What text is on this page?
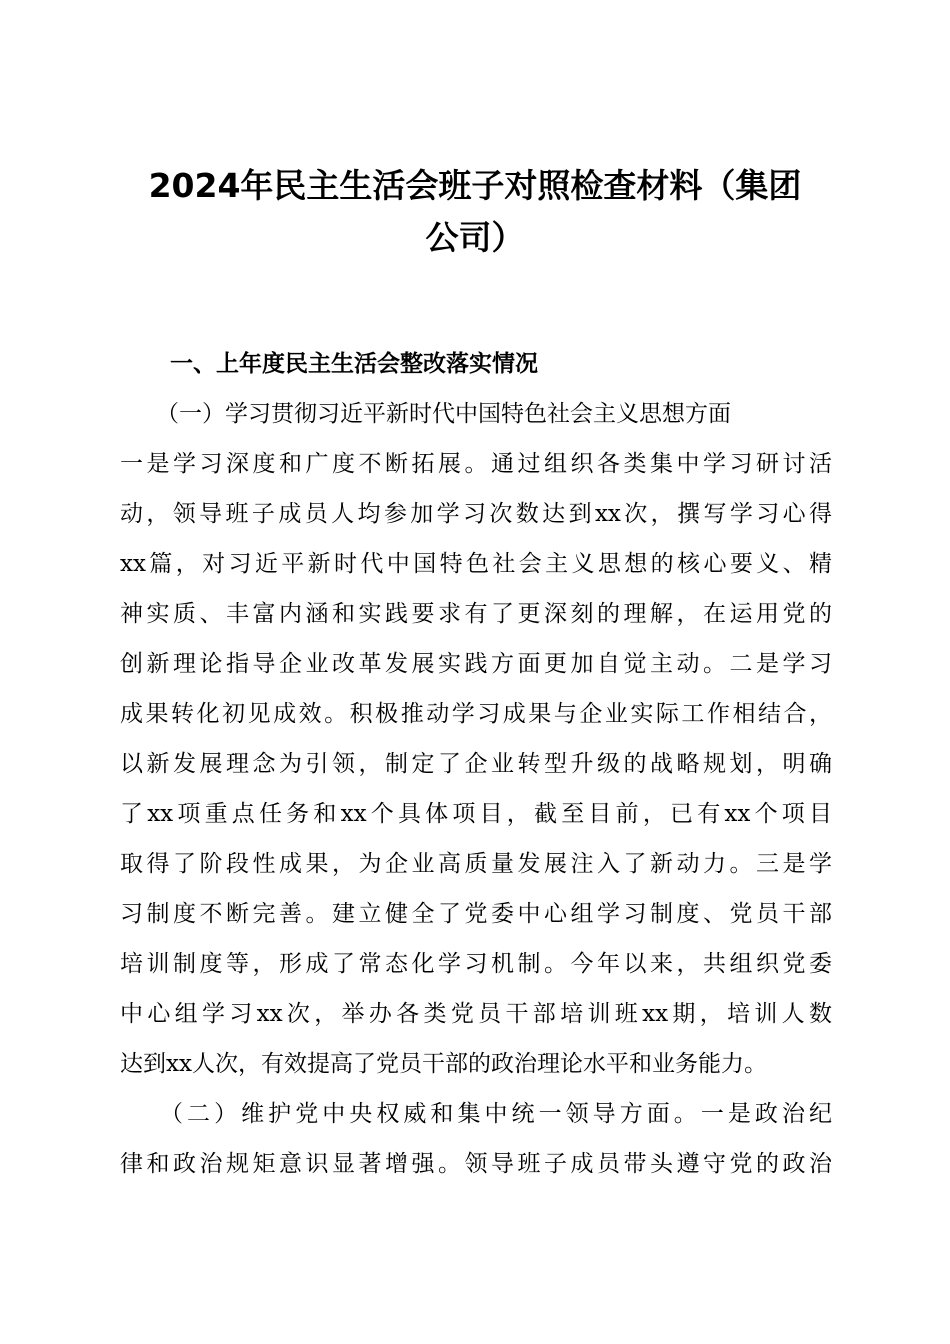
2024年民主生活会班子对照检查材料（集团
公司）
一、上年度民主生活会整改落实情况
（一）学习贯彻习近平新时代中国特色社会主义思想方面
一是学习深度和广度不断拓展。通过组织各类集中学习研讨活
动，领导班子成员人均参加学习次数达到xx次，撰写学习心得
xx篇，对习近平新时代中国特色社会主义思想的核心要义、精
神实质、丰富内涵和实践要求有了更深刻的理解，在运用党的
创新理论指导企业改革发展实践方面更加自觉主动。二是学习
成果转化初见成效。积极推动学习成果与企业实际工作相结合，
以新发展理念为引领，制定了企业转型升级的战略规划，明确
了xx项重点任务和xx个具体项目，截至目前，已有xx个项目
取得了阶段性成果，为企业高质量发展注入了新动力。三是学
习制度不断完善。建立健全了党委中心组学习制度、党员干部
培训制度等，形成了常态化学习机制。今年以来，共组织党委
中心组学习xx次，举办各类党员干部培训班xx期，培训人数
达到xx人次，有效提高了党员干部的政治理论水平和业务能力。
（二）维护党中央权威和集中统一领导方面。一是政治纪
律和政治规矩意识显著增强。领导班子成员带头遵守党的政治
